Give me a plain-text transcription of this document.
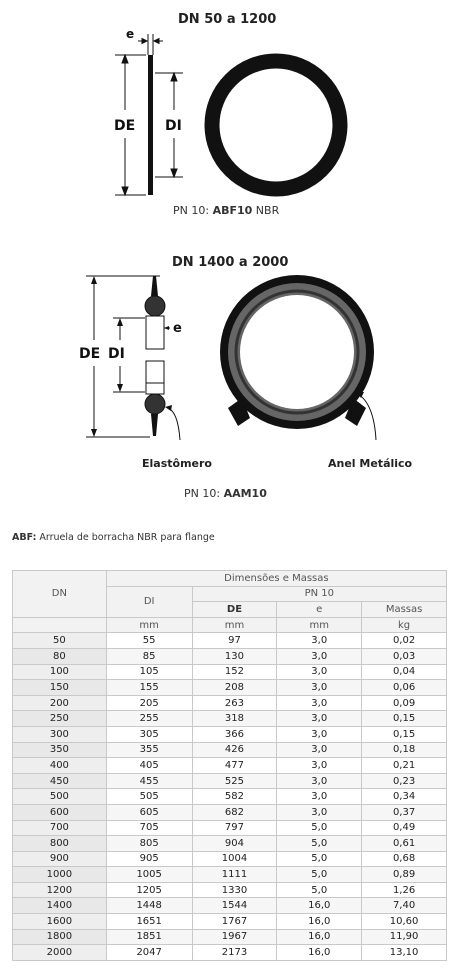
DN 50 a 1200
e
DE DI
PN 10: ABF10 NBR
DN 1400 a 2000
DE DI
e
Elastômero	Anel Metálico
PN 10: AAM10
ABF: Arruela de borracha NBR para flange
DN	Dimensões e Massas			
	DI	PN 10		
		DE	e	Massas
	mm	mm	mm	kg
50	55	97	3,0	0,02
80	85	130	3,0	0,03
100	105	152	3,0	0,04
150	155	208	3,0	0,06
200	205	263	3,0	0,09
250	255	318	3,0	0,15
300	305	366	3,0	0,15
350	355	426	3,0	0,18
400	405	477	3,0	0,21
450	455	525	3,0	0,23
500	505	582	3,0	0,34
600	605	682	3,0	0,37
700	705	797	5,0	0,49
800	805	904	5,0	0,61
900	905	1004	5,0	0,68
1000	1005	1111	5,0	0,89
1200	1205	1330	5,0	1,26
1400	1448	1544	16,0	7,40
1600	1651	1767	16,0	10,60
1800	1851	1967	16,0	11,90
2000	2047	2173	16,0	13,10
